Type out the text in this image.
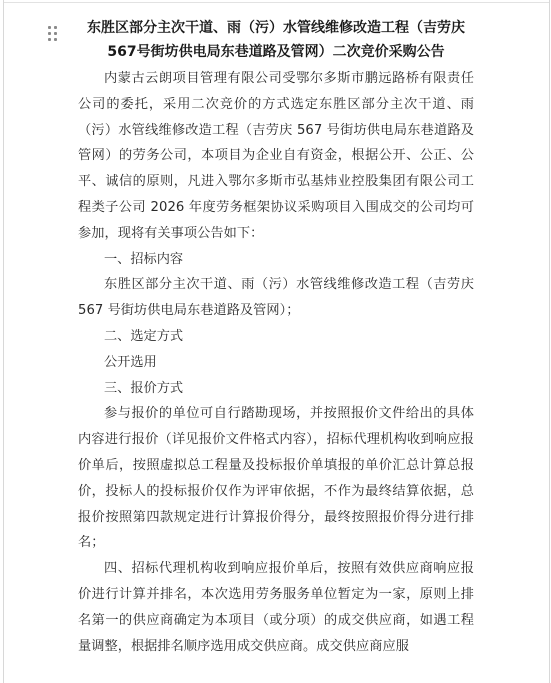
东胜区部分主次干道、雨（污）水管线维修改造工程（吉劳庆567号街坊供电局东巷道路及管网）二次竞价采购公告

内蒙古云朗项目管理有限公司受鄂尔多斯市鹏远路桥有限责任公司的委托，采用二次竞价的方式选定东胜区部分主次干道、雨（污）水管线维修改造工程（吉劳庆 567 号街坊供电局东巷道路及管网）的劳务公司，本项目为企业自有资金，根据公开、公正、公平、诚信的原则，凡进入鄂尔多斯市弘基炜业控股集团有限公司工程类子公司 2026 年度劳务框架协议采购项目入围成交的公司均可参加，现将有关事项公告如下：

一、招标内容

东胜区部分主次干道、雨（污）水管线维修改造工程（吉劳庆 567 号街坊供电局东巷道路及管网）；

二、选定方式

公开选用

三、报价方式

参与报价的单位可自行踏勘现场，并按照报价文件给出的具体内容进行报价（详见报价文件格式内容），招标代理机构收到响应报价单后，按照虚拟总工程量及投标报价单填报的单价汇总计算总报价，投标人的投标报价仅作为评审依据，不作为最终结算依据，总报价按照第四款规定进行计算报价得分，最终按照报价得分进行排名；

四、招标代理机构收到响应报价单后，按照有效供应商响应报价进行计算并排名，本次选用劳务服务单位暂定为一家，原则上排名第一的供应商确定为本项目（或分项）的成交供应商，如遇工程量调整，根据排名顺序选用成交供应商。成交供应商应服
